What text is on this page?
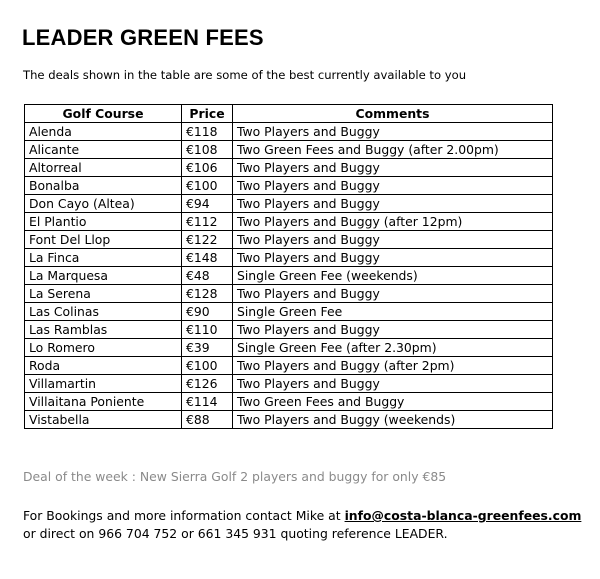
LEADER GREEN FEES

The deals shown in the table are some of the best currently available to you

Golf Course	Price	Comments
Alenda	€118	Two Players and Buggy
Alicante	€108	Two Green Fees and Buggy (after 2.00pm)
Altorreal	€106	Two Players and Buggy
Bonalba	€100	Two Players and Buggy
Don Cayo (Altea)	€94	Two Players and Buggy
El Plantio	€112	Two Players and Buggy (after 12pm)
Font Del Llop	€122	Two Players and Buggy
La Finca	€148	Two Players and Buggy
La Marquesa	€48	Single Green Fee (weekends)
La Serena	€128	Two Players and Buggy
Las Colinas	€90	Single Green Fee
Las Ramblas	€110	Two Players and Buggy
Lo Romero	€39	Single Green Fee (after 2.30pm)
Roda	€100	Two Players and Buggy (after 2pm)
Villamartin	€126	Two Players and Buggy
Villaitana Poniente	€114	Two Green Fees and Buggy
Vistabella	€88	Two Players and Buggy (weekends)

Deal of the week : New Sierra Golf 2 players and buggy for only €85

For Bookings and more information contact Mike at info@costa-blanca-greenfees.com
or direct on 966 704 752 or 661 345 931 quoting reference LEADER.
